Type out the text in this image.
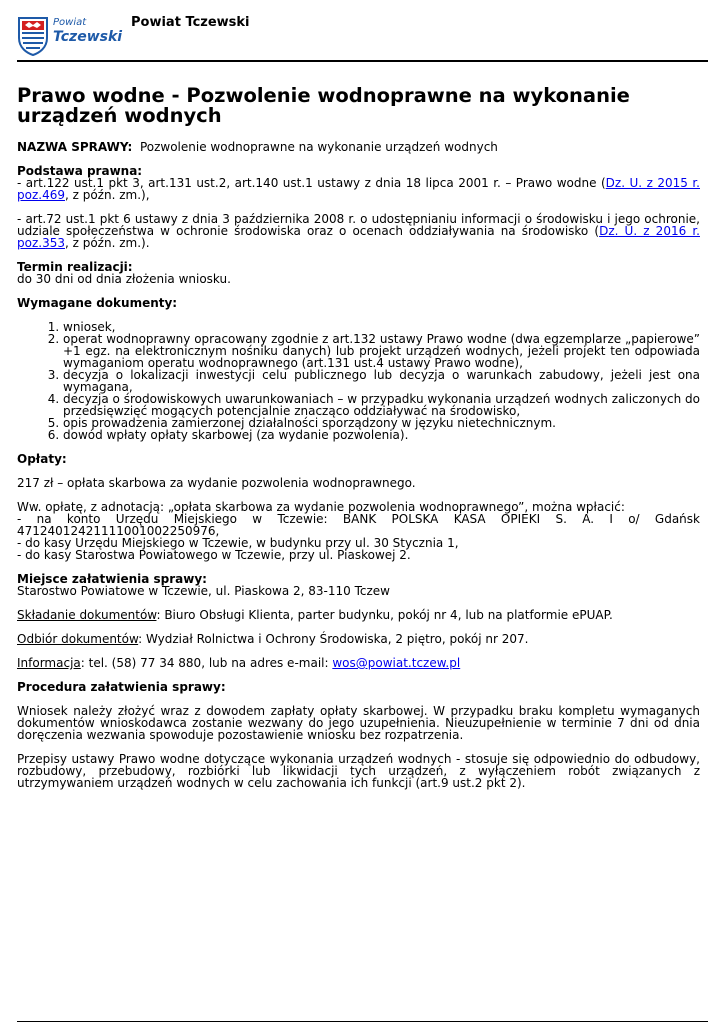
Powiat
Tczewski
Powiat Tczewski
Prawo wodne - Pozwolenie wodnoprawne na wykonanie urządzeń wodnych

NAZWA SPRAWY: Pozwolenie wodnoprawne na wykonanie urządzeń wodnych

Podstawa prawna:

- art.122 ust.1 pkt 3, art.131 ust.2, art.140 ust.1 ustawy z dnia 18 lipca 2001 r. – Prawo wodne (Dz. U. z 2015 r. poz.469, z późn. zm.),

- art.72 ust.1 pkt 6 ustawy z dnia 3 października 2008 r. o udostępnianiu informacji o środowisku i jego ochronie, udziale społeczeństwa w ochronie środowiska oraz o ocenach oddziaływania na środowisko (Dz. U. z 2016 r. poz.353, z późn. zm.).

Termin realizacji:
do 30 dni od dnia złożenia wniosku.

Wymagane dokumenty:

1. wniosek,
2. operat wodnoprawny opracowany zgodnie z art.132 ustawy Prawo wodne (dwa egzemplarze „papierowe” +1 egz. na elektronicznym nośniku danych) lub projekt urządzeń wodnych, jeżeli projekt ten odpowiada wymaganiom operatu wodnoprawnego (art.131 ust.4 ustawy Prawo wodne),
3. decyzja o lokalizacji inwestycji celu publicznego lub decyzja o warunkach zabudowy, jeżeli jest ona wymagana,
4. decyzja o środowiskowych uwarunkowaniach – w przypadku wykonania urządzeń wodnych zaliczonych do przedsięwzięć mogących potencjalnie znacząco oddziaływać na środowisko,
5. opis prowadzenia zamierzonej działalności sporządzony w języku nietechnicznym.
6. dowód wpłaty opłaty skarbowej (za wydanie pozwolenia).

Opłaty:

217 zł – opłata skarbowa za wydanie pozwolenia wodnoprawnego.

Ww. opłatę, z adnotacją: „opłata skarbowa za wydanie pozwolenia wodnoprawnego”, można wpłacić:
- na konto Urzędu Miejskiego w Tczewie: BANK POLSKA KASA OPIEKI S. A. I o/ Gdańsk 47124012421111001002250976,
- do kasy Urzędu Miejskiego w Tczewie, w budynku przy ul. 30 Stycznia 1,
- do kasy Starostwa Powiatowego w Tczewie, przy ul. Piaskowej 2.

Miejsce załatwienia sprawy:
Starostwo Powiatowe w Tczewie, ul. Piaskowa 2, 83-110 Tczew

Składanie dokumentów: Biuro Obsługi Klienta, parter budynku, pokój nr 4, lub na platformie ePUAP.

Odbiór dokumentów: Wydział Rolnictwa i Ochrony Środowiska, 2 piętro, pokój nr 207.

Informacja: tel. (58) 77 34 880, lub na adres e-mail: wos@powiat.tczew.pl

Procedura załatwienia sprawy:

Wniosek należy złożyć wraz z dowodem zapłaty opłaty skarbowej. W przypadku braku kompletu wymaganych dokumentów wnioskodawca zostanie wezwany do jego uzupełnienia. Nieuzupełnienie w terminie 7 dni od dnia doręczenia wezwania spowoduje pozostawienie wniosku bez rozpatrzenia.

Przepisy ustawy Prawo wodne dotyczące wykonania urządzeń wodnych - stosuje się odpowiednio do odbudowy, rozbudowy, przebudowy, rozbiórki lub likwidacji tych urządzeń, z wyłączeniem robót związanych z utrzymywaniem urządzeń wodnych w celu zachowania ich funkcji (art.9 ust.2 pkt 2).
